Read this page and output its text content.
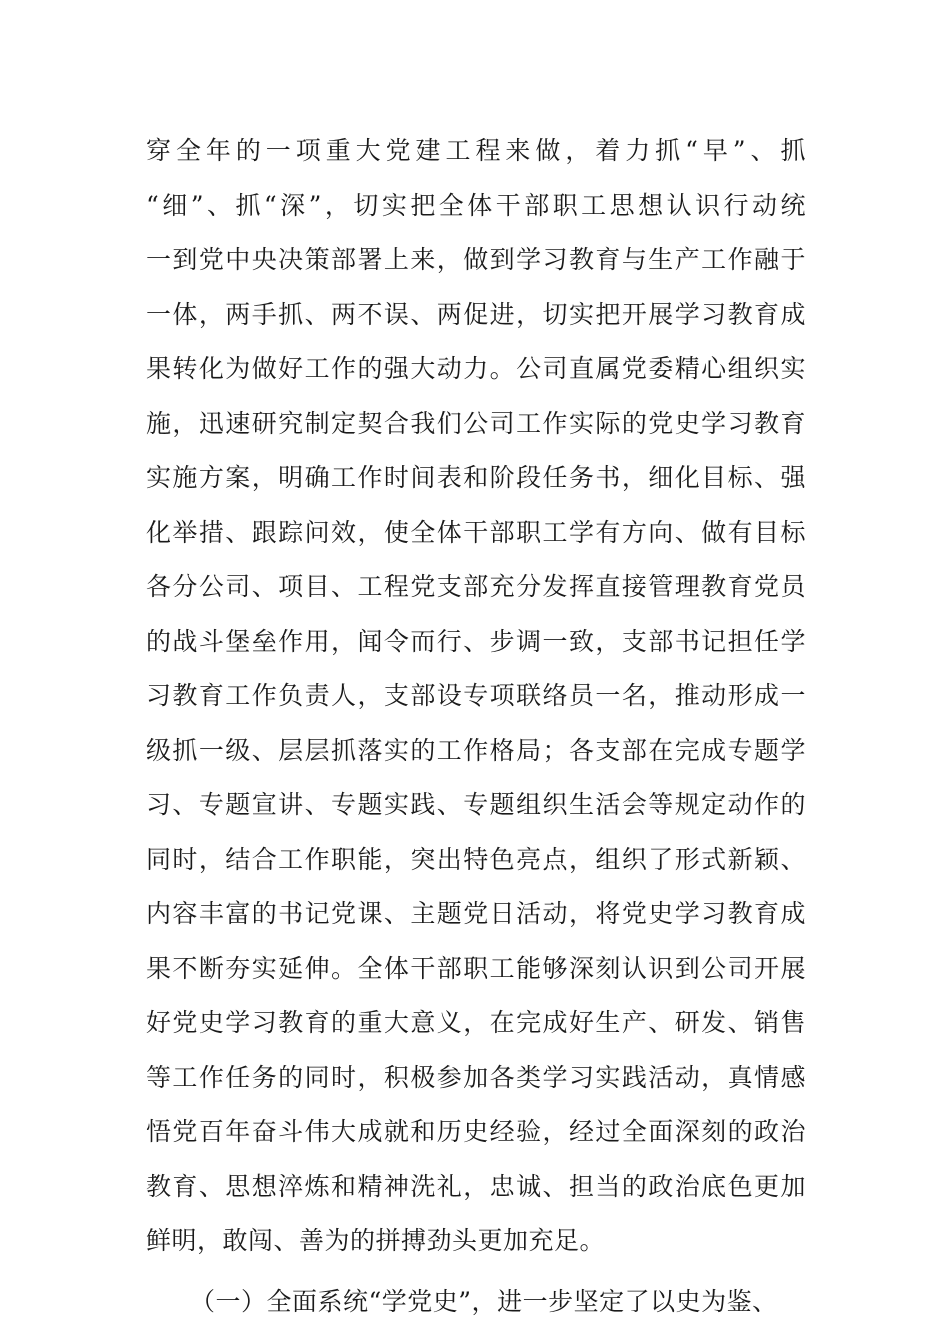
穿全年的一项重大党建工程来做，着力抓“早”、抓
“细”、抓“深”，切实把全体干部职工思想认识行动统
一到党中央决策部署上来，做到学习教育与生产工作融于
一体，两手抓、两不误、两促进，切实把开展学习教育成
果转化为做好工作的强大动力。公司直属党委精心组织实
施，迅速研究制定契合我们公司工作实际的党史学习教育
实施方案，明确工作时间表和阶段任务书，细化目标、强
化举措、跟踪问效，使全体干部职工学有方向、做有目标
各分公司、项目、工程党支部充分发挥直接管理教育党员
的战斗堡垒作用，闻令而行、步调一致，支部书记担任学
习教育工作负责人，支部设专项联络员一名，推动形成一
级抓一级、层层抓落实的工作格局；各支部在完成专题学
习、专题宣讲、专题实践、专题组织生活会等规定动作的
同时，结合工作职能，突出特色亮点，组织了形式新颖、
内容丰富的书记党课、主题党日活动，将党史学习教育成
果不断夯实延伸。全体干部职工能够深刻认识到公司开展
好党史学习教育的重大意义，在完成好生产、研发、销售
等工作任务的同时，积极参加各类学习实践活动，真情感
悟党百年奋斗伟大成就和历史经验，经过全面深刻的政治
教育、思想淬炼和精神洗礼，忠诚、担当的政治底色更加
鲜明，敢闯、善为的拼搏劲头更加充足。
（一）全面系统“学党史”，进一步坚定了以史为鉴、
